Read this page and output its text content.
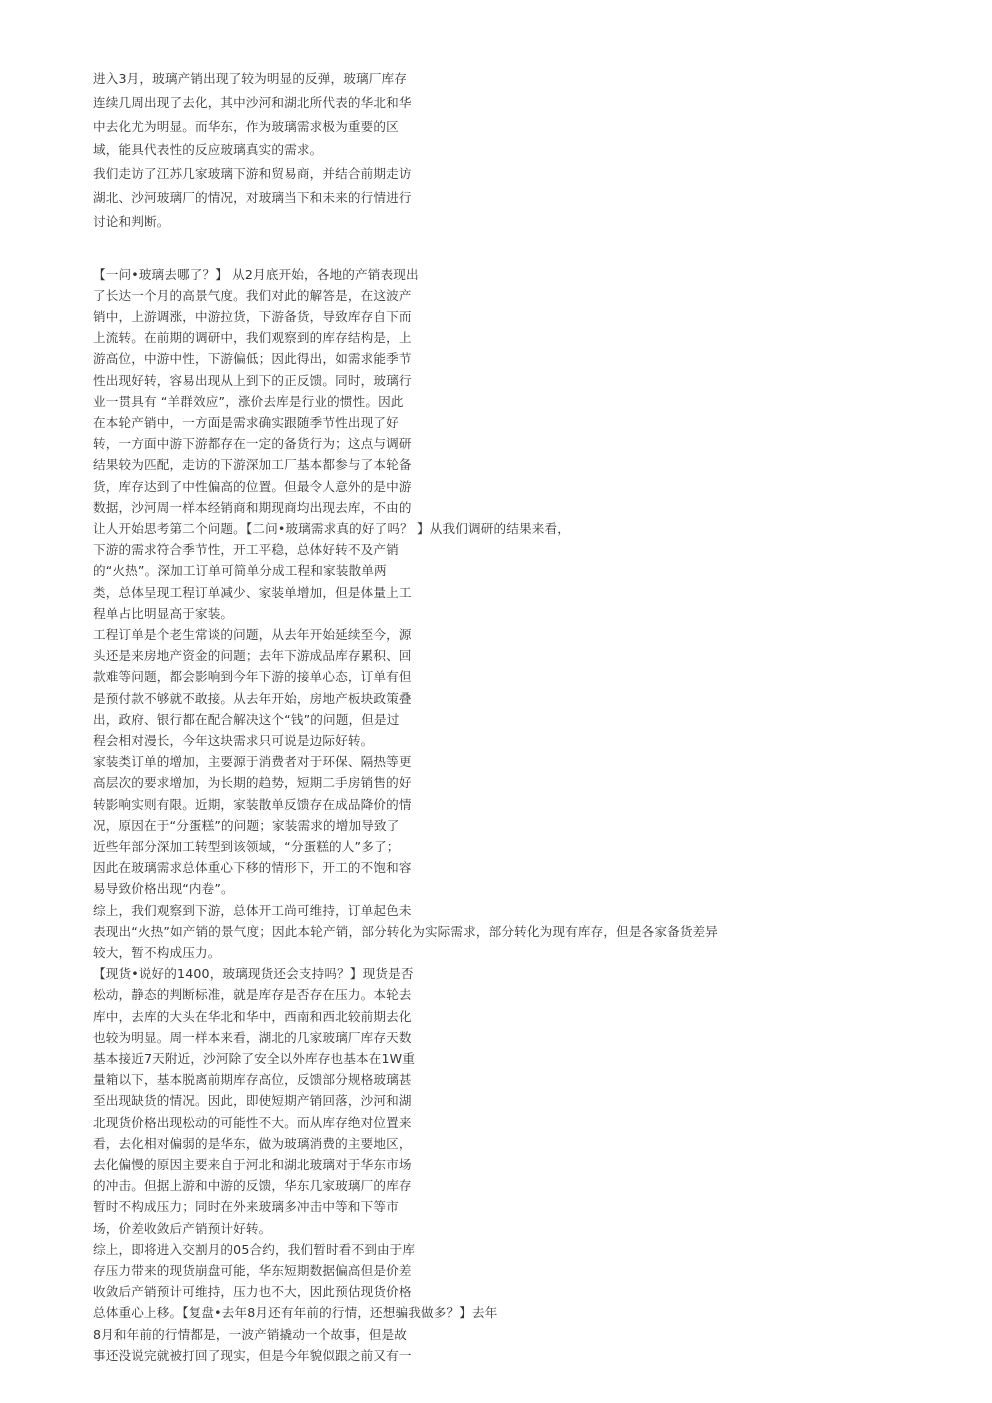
进入3月，玻璃产销出现了较为明显的反弹，玻璃厂库存
连续几周出现了去化，其中沙河和湖北所代表的华北和华
中去化尤为明显。而华东，作为玻璃需求极为重要的区
域，能具代表性的反应玻璃真实的需求。
我们走访了江苏几家玻璃下游和贸易商，并结合前期走访
湖北、沙河玻璃厂的情况，对玻璃当下和未来的行情进行
讨论和判断。
【一问•玻璃去哪了？】 从2月底开始，各地的产销表现出
了长达一个月的高景气度。我们对此的解答是，在这波产
销中，上游调涨，中游拉货，下游备货，导致库存自下而
上流转。在前期的调研中，我们观察到的库存结构是，上
游高位，中游中性，下游偏低；因此得出，如需求能季节
性出现好转，容易出现从上到下的正反馈。同时，玻璃行
业一贯具有 “羊群效应”，涨价去库是行业的惯性。因此
在本轮产销中，一方面是需求确实跟随季节性出现了好
转，一方面中游下游都存在一定的备货行为；这点与调研
结果较为匹配，走访的下游深加工厂基本都参与了本轮备
货，库存达到了中性偏高的位置。但最令人意外的是中游
数据，沙河周一样本经销商和期现商均出现去库，不由的
让人开始思考第二个问题。【二问•玻璃需求真的好了吗？ 】从我们调研的结果来看，
下游的需求符合季节性，开工平稳，总体好转不及产销
的“火热”。深加工订单可简单分成工程和家装散单两
类，总体呈现工程订单减少、家装单增加，但是体量上工
程单占比明显高于家装。
工程订单是个老生常谈的问题，从去年开始延续至今，源
头还是来房地产资金的问题；去年下游成品库存累积、回
款难等问题，都会影响到今年下游的接单心态，订单有但
是预付款不够就不敢接。从去年开始，房地产板块政策叠
出，政府、银行都在配合解决这个“钱”的问题，但是过
程会相对漫长，今年这块需求只可说是边际好转。
家装类订单的增加，主要源于消费者对于环保、隔热等更
高层次的要求增加，为长期的趋势，短期二手房销售的好
转影响实则有限。近期，家装散单反馈存在成品降价的情
况，原因在于“分蛋糕”的问题；家装需求的增加导致了
近些年部分深加工转型到该领域，“分蛋糕的人”多了；
因此在玻璃需求总体重心下移的情形下，开工的不饱和容
易导致价格出现“内卷”。
综上，我们观察到下游，总体开工尚可维持，订单起色未
表现出“火热”如产销的景气度；因此本轮产销，部分转化为实际需求，部分转化为现有库存，但是各家备货差异
较大，暂不构成压力。
【现货•说好的1400，玻璃现货还会支持吗？】现货是否
松动，静态的判断标准，就是库存是否存在压力。本轮去
库中，去库的大头在华北和华中，西南和西北较前期去化
也较为明显。周一样本来看，湖北的几家玻璃厂库存天数
基本接近7天附近，沙河除了安全以外库存也基本在1W重
量箱以下，基本脱离前期库存高位，反馈部分规格玻璃甚
至出现缺货的情况。因此，即使短期产销回落，沙河和湖
北现货价格出现松动的可能性不大。而从库存绝对位置来
看，去化相对偏弱的是华东，做为玻璃消费的主要地区，
去化偏慢的原因主要来自于河北和湖北玻璃对于华东市场
的冲击。但据上游和中游的反馈，华东几家玻璃厂的库存
暂时不构成压力；同时在外来玻璃多冲击中等和下等市
场，价差收敛后产销预计好转。
综上，即将进入交割月的05合约，我们暂时看不到由于库
存压力带来的现货崩盘可能，华东短期数据偏高但是价差
收敛后产销预计可维持，压力也不大，因此预估现货价格
总体重心上移。【复盘•去年8月还有年前的行情，还想骗我做多？】去年
8月和年前的行情都是，一波产销撬动一个故事，但是故
事还没说完就被打回了现实，但是今年貌似跟之前又有一
